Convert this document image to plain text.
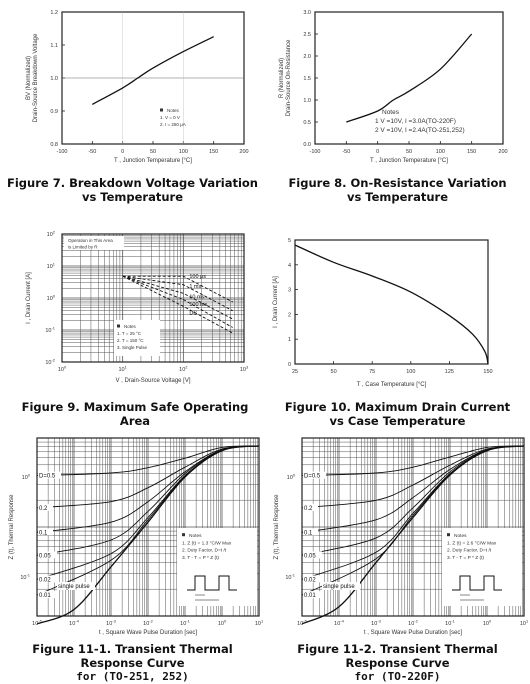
-100	-50	0	50	100	150	200
0.8
0.9
1.0
1.1
1.2
Notes
1. V = 0 V
2. I = 250 μA
BV (Normalized) Drain-Source Breakdown Voltage
T , Junction Temperature [°C]
Figure 7. Breakdown Voltage Variation
vs Temperature
-100	-50	0	50	100	150	200
0.0
0.5
1.0
1.5
2.0
2.5
3.0
Notes
1 V =10V, I =3.0A(TO-220F)
2 V =10V, I =2.4A(TO-251,252)
R (Normalized) Drain-Source On-Resistance
T , Junction Temperature [°C]
Figure 8. On-Resistance Variation
vs Temperature
100 μs
1 ms
10 ms
100 ms
DC
Operation in This Area
is Limited by R
Notes
1. T = 25 °C
2. T = 150 °C
3. Single Pulse
$10^0$	$10^1$	$10^2$	$10^3$
$10^{-2}$
$10^{-1}$
$10^0$
$10^1$
$10^2$
I , Drain Current [A]
V , Drain-Source Voltage [V]
Figure 9. Maximum Safe Operating Area
25	50	75	100	125	150
0
1
2
3
4
5
I , Drain Current [A]
T , Case Temperature [°C]
Figure 10. Maximum Drain Current
vs Case Temperature
D=0.5
0.2
0.1
0.05
0.02
0.01
single pulse
Notes
1. Z (t) = 1.3 °C/W Max
2. Duty Factor, D=t /t
3. T - T = P * Z (t)
$10^{-5}$	$10^{-4}$	$10^{-3}$	$10^{-2}$	$10^{-1}$	$10^0$	$10^1$
$10^{-1}$
$10^0$
Z (t), Thermal Response
t , Square Wave Pulse Duration [sec]
Figure 11-1. Transient Thermal Response Curve
for (TO-251, 252)
D=0.5
0.2
0.1
0.05
0.02
0.01
single pulse
Notes
1. Z (t) = 2.6 °C/W Max
2. Duty Factor, D=t /t
3. T - T = P * Z (t)
$10^{-5}$	$10^{-4}$	$10^{-3}$	$10^{-2}$	$10^{-1}$	$10^0$	$10^1$
$10^{-1}$
$10^0$
Z (t), Thermal Response
t , Square Wave Pulse Duration [sec]
Figure 11-2. Transient Thermal Response Curve
for (TO-220F)
